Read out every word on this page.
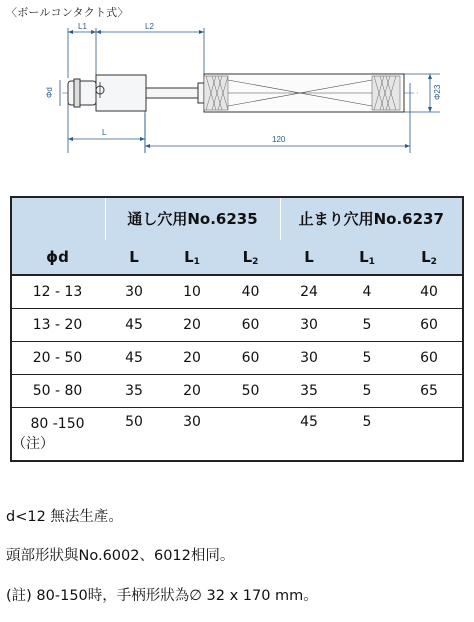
〈ボールコンタクト式〉
L1	L2
L
120
Φd	Φ23
	通し穴用No.6235			止まり穴用No.6237		
ϕd	L	$L_1$	$L_2$	L	$L_1$	$L_2$
12 - 13	30	10	40	24	4	40
13 - 20	45	20	60	30	5	60
20 - 50	45	20	60	30	5	60
50 - 80	35	20	50	35	5	65

80 -150
（注）	50	30		45	5	
d<12 無法生產。
頭部形狀與No.6002、6012相同。
(註) 80-150時，手柄形狀為∅ 32 x 170 mm。
